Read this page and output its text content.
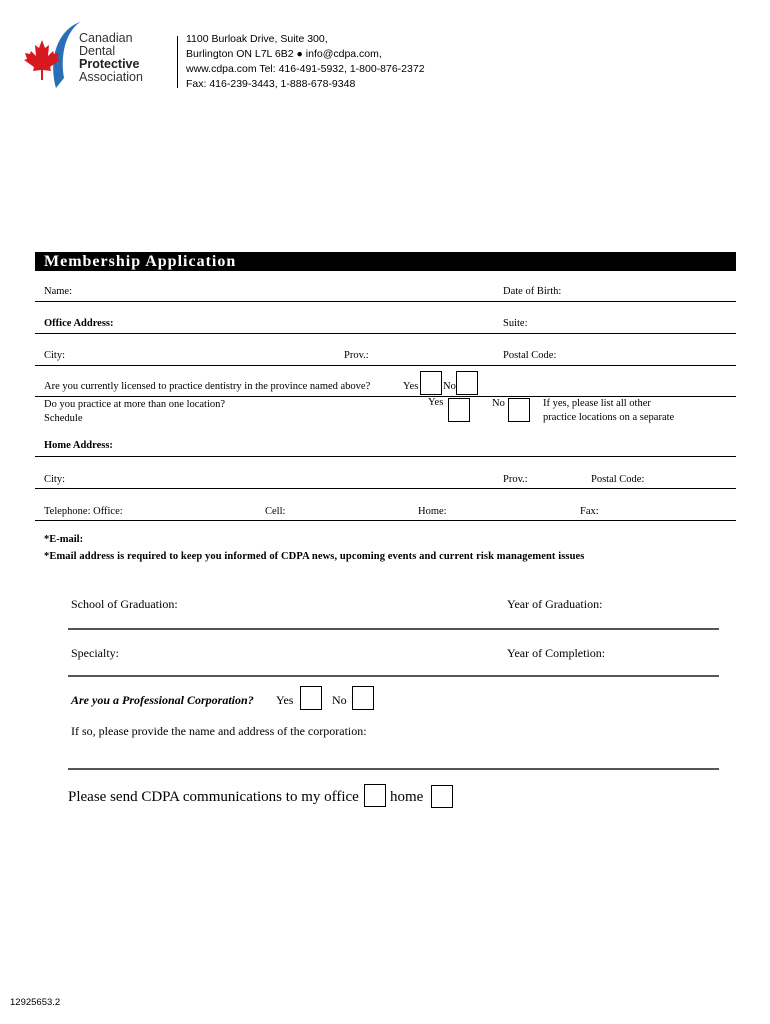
Canadian
Dental
Protective
Association
1100 Burloak Drive, Suite 300,
Burlington ON L7L 6B2 ● info@cdpa.com,
www.cdpa.com Tel: 416-491-5932, 1-800-876-2372
Fax: 416-239-3443, 1-888-678-9348
Membership Application
Name:	Date of Birth:
Office Address:	Suite:
City:	Prov.:	Postal Code:
Are you currently licensed to practice dentistry in the province named above?	Yes No
Do you practice at more than one location?
Schedule
Yes	No	If yes, please list all other
practice locations on a separate
Home Address:
City:	Prov.:	Postal Code:
Telephone: Office:	Cell:	Home:	Fax:
*E-mail:
*Email address is required to keep you informed of CDPA news, upcoming events and current risk management issues
School of Graduation:	Year of Graduation:
Specialty:	Year of Completion:
Are you a Professional Corporation? Yes	No
If so, please provide the name and address of the corporation:
Please send CDPA communications to my office home
12925653.2
